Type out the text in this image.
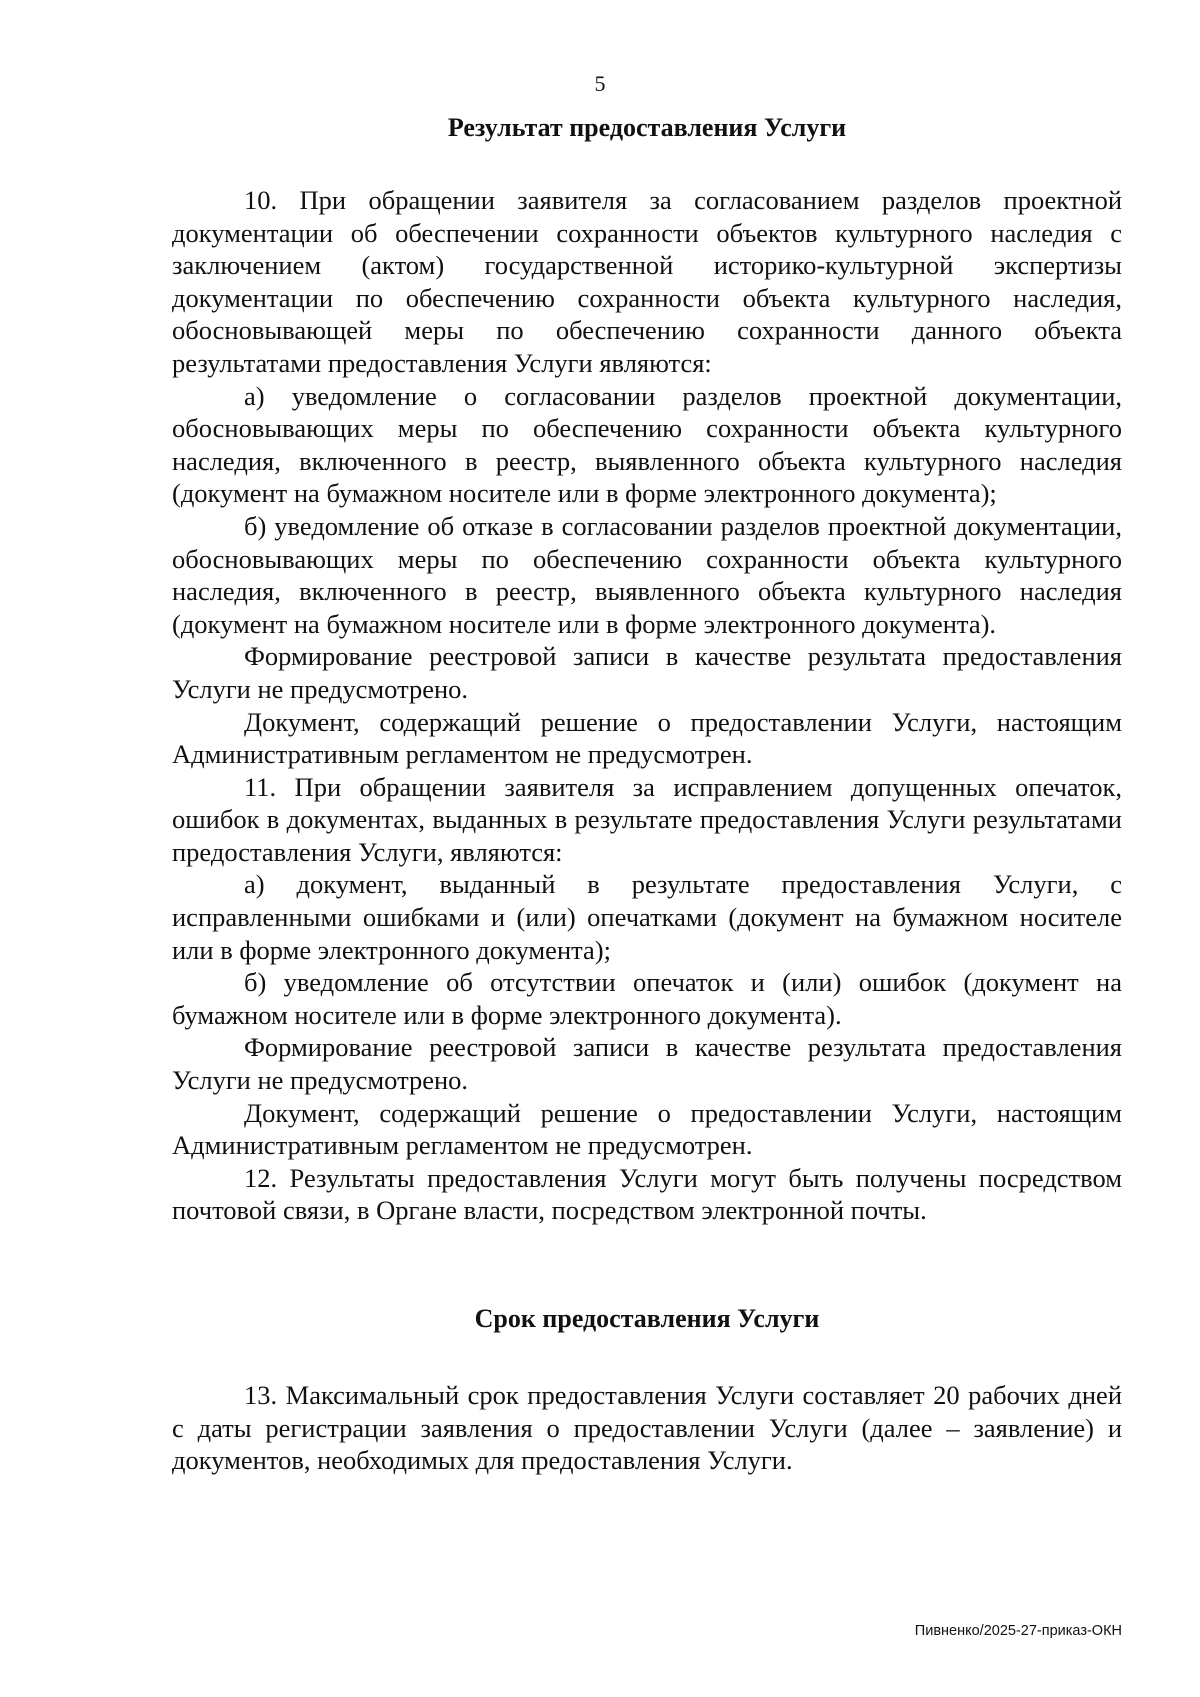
5
Результат предоставления Услуги

10. При обращении заявителя за согласованием разделов проектной документации об обеспечении сохранности объектов культурного наследия с заключением (актом) государственной историко-культурной экспертизы документации по обеспечению сохранности объекта культурного наследия, обосновывающей меры по обеспечению сохранности данного объекта результатами предоставления Услуги являются:

а) уведомление о согласовании разделов проектной документации, обосновывающих меры по обеспечению сохранности объекта культурного наследия, включенного в реестр, выявленного объекта культурного наследия (документ на бумажном носителе или в форме электронного документа);

б) уведомление об отказе в согласовании разделов проектной документации, обосновывающих меры по обеспечению сохранности объекта культурного наследия, включенного в реестр, выявленного объекта культурного наследия (документ на бумажном носителе или в форме электронного документа).

Формирование реестровой записи в качестве результата предоставления Услуги не предусмотрено.

Документ, содержащий решение о предоставлении Услуги, настоящим Административным регламентом не предусмотрен.

11. При обращении заявителя за исправлением допущенных опечаток, ошибок в документах, выданных в результате предоставления Услуги результатами предоставления Услуги, являются:

а) документ, выданный в результате предоставления Услуги, с исправленными ошибками и (или) опечатками (документ на бумажном носителе или в форме электронного документа);

б) уведомление об отсутствии опечаток и (или) ошибок (документ на бумажном носителе или в форме электронного документа).

Формирование реестровой записи в качестве результата предоставления Услуги не предусмотрено.

Документ, содержащий решение о предоставлении Услуги, настоящим Административным регламентом не предусмотрен.

12. Результаты предоставления Услуги могут быть получены посредством почтовой связи, в Органе власти, посредством электронной почты.

Срок предоставления Услуги

13. Максимальный срок предоставления Услуги составляет 20 рабочих дней с даты регистрации заявления о предоставлении Услуги (далее – заявление) и документов, необходимых для предоставления Услуги.

Пивненко/2025-27-приказ-ОКН
